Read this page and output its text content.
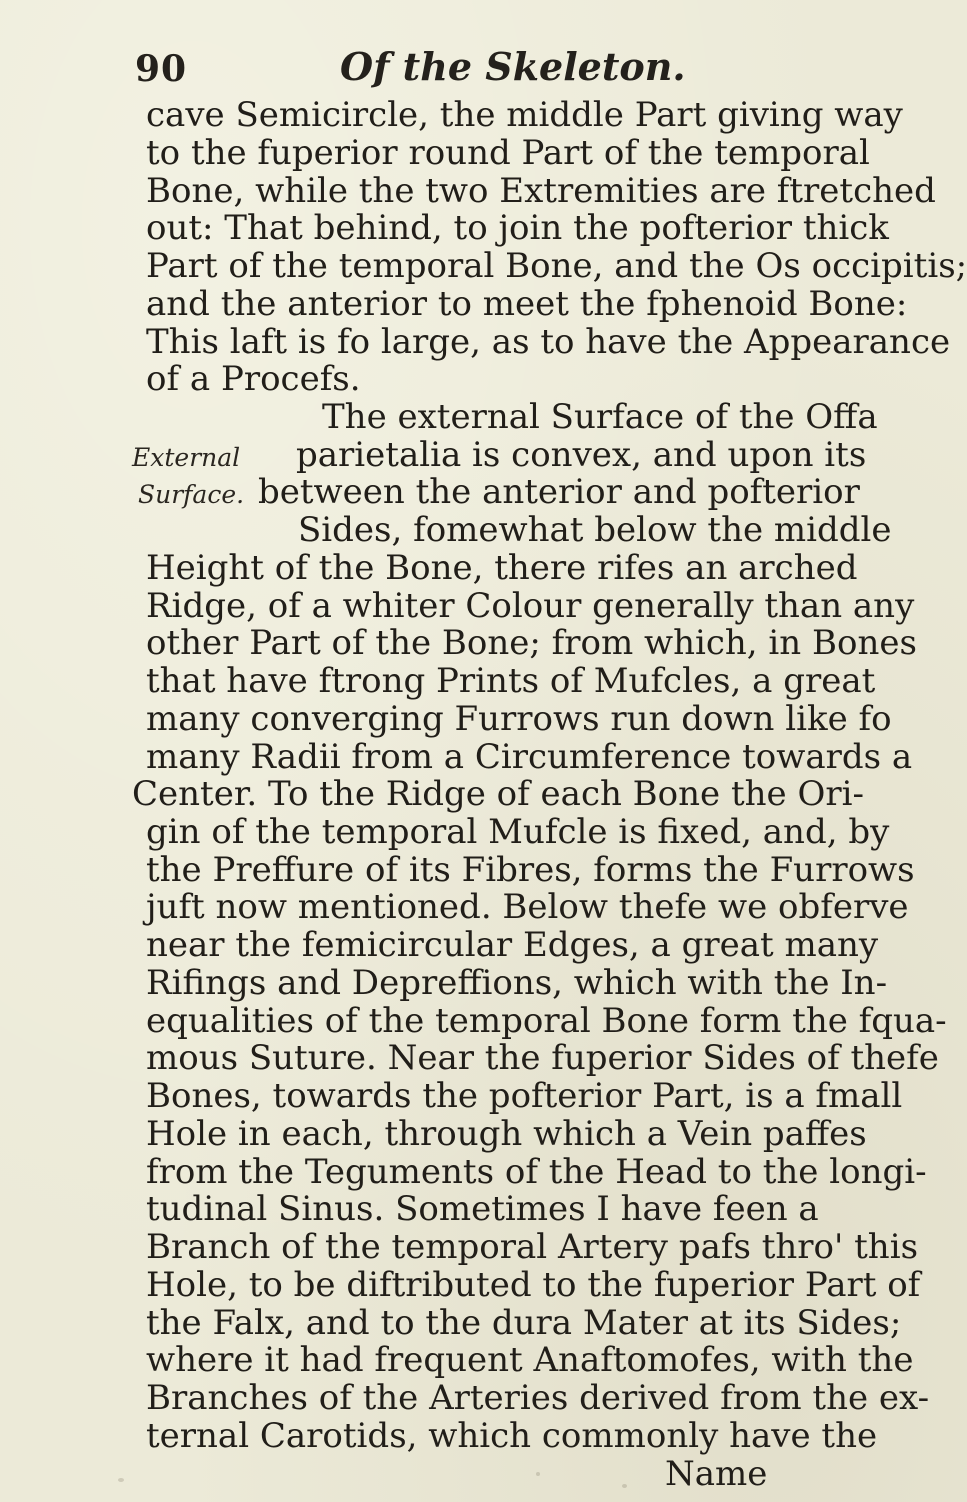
90	Of the Skeleton.
cave Semicircle, the middle Part giving way
to the fuperior round Part of the temporal
Bone, while the two Extremities are ftretched
out: That behind, to join the pofterior thick
Part of the temporal Bone, and the Os occipitis;
and the anterior to meet the fphenoid Bone:
This laft is fo large, as to have the Appearance
of a Procefs.
The external Surface of the Offa
External parietalia is convex, and upon its
Surface. between the anterior and pofterior
Sides, fomewhat below the middle
Height of the Bone, there rifes an arched
Ridge, of a whiter Colour generally than any
other Part of the Bone; from which, in Bones
that have ftrong Prints of Mufcles, a great
many converging Furrows run down like fo
many Radii from a Circumference towards a
Center. To the Ridge of each Bone the Ori-
gin of the temporal Mufcle is fixed, and, by
the Preffure of its Fibres, forms the Furrows
juft now mentioned. Below thefe we obferve
near the femicircular Edges, a great many
Rifings and Depreffions, which with the In-
equalities of the temporal Bone form the fqua-
mous Suture. Near the fuperior Sides of thefe
Bones, towards the pofterior Part, is a fmall
Hole in each, through which a Vein paffes
from the Teguments of the Head to the longi-
tudinal Sinus. Sometimes I have feen a
Branch of the temporal Artery pafs thro' this
Hole, to be diftributed to the fuperior Part of
the Falx, and to the dura Mater at its Sides;
where it had frequent Anaftomofes, with the
Branches of the Arteries derived from the ex-
ternal Carotids, which commonly have the
Name
